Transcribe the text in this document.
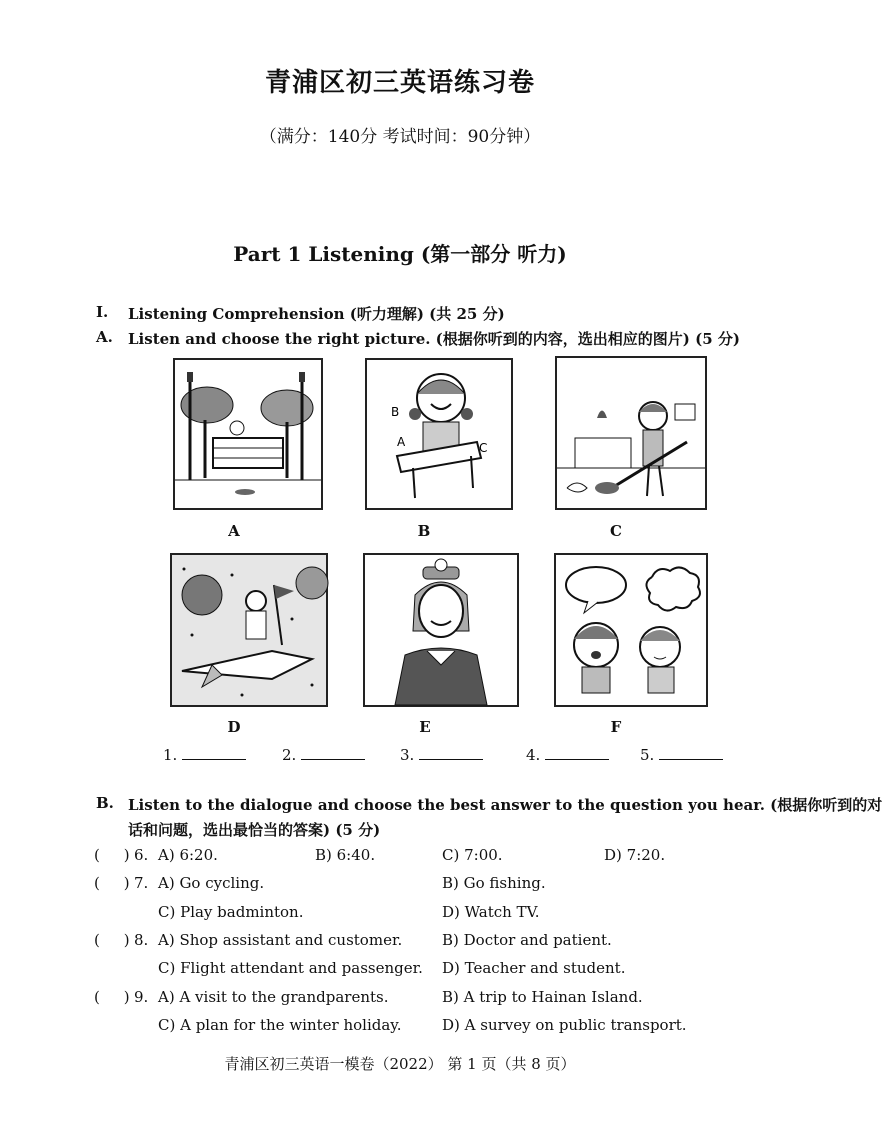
青浦区初三英语练习卷
（满分：140分 考试时间：90分钟）
Part 1 Listening (第一部分 听力)
I. Listening Comprehension (听力理解) (共 25 分)
A. Listen and choose the right picture. (根据你听到的内容，选出相应的图片) (5 分)
B
A	C
A	B	C
D	E	F
1.	2.	3.	4.	5.
B. Listen to the dialogue and choose the best answer to the question you hear. (根据你听到的对
话和问题，选出最恰当的答案) (5 分)
(     ) 6. A) 6:20.	B) 6:40.	C) 7:00.	D) 7:20.
(     ) 7. A) Go cycling.	B) Go fishing.
C) Play badminton.	D) Watch TV.
(     ) 8. A) Shop assistant and customer.	B) Doctor and patient.
C) Flight attendant and passenger. D) Teacher and student.
(     ) 9. A) A visit to the grandparents.	B) A trip to Hainan Island.
C) A plan for the winter holiday.	D) A survey on public transport.
青浦区初三英语一模卷（2022） 第 1 页（共 8 页）
